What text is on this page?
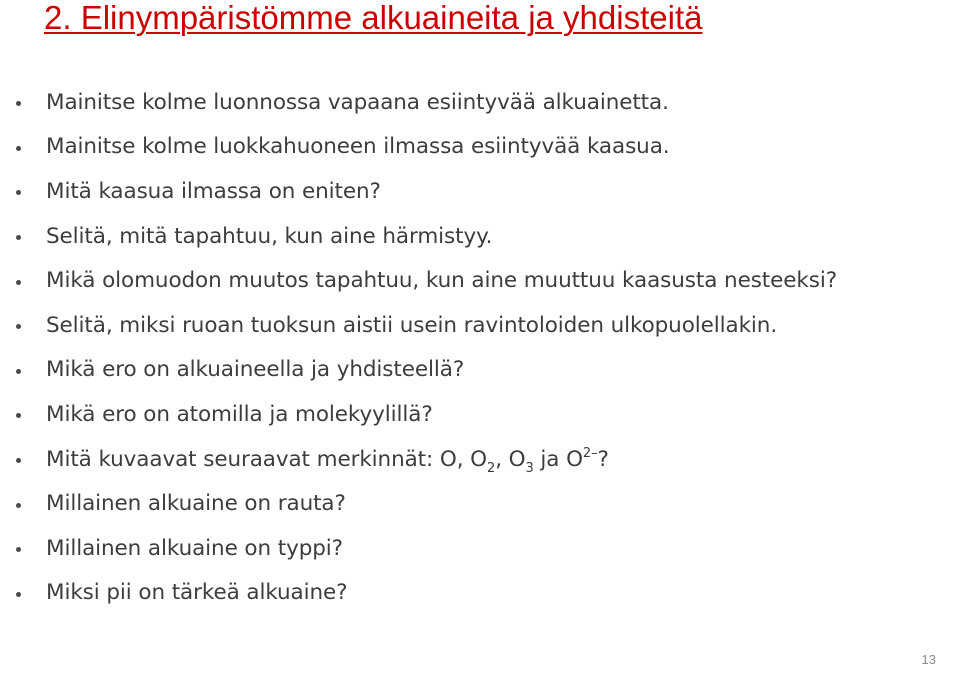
2. Elinympäristömme alkuaineita ja yhdisteitä
Mainitse kolme luonnossa vapaana esiintyvää alkuainetta.
Mainitse kolme luokkahuoneen ilmassa esiintyvää kaasua.
Mitä kaasua ilmassa on eniten?
Selitä, mitä tapahtuu, kun aine härmistyy.
Mikä olomuodon muutos tapahtuu, kun aine muuttuu kaasusta nesteeksi?
Selitä, miksi ruoan tuoksun aistii usein ravintoloiden ulkopuolellakin.
Mikä ero on alkuaineella ja yhdisteellä?
Mikä ero on atomilla ja molekyylillä?
Mitä kuvaavat seuraavat merkinnät: O, $O_2$, $O_3$ ja $O^{2-}$?
Millainen alkuaine on rauta?
Millainen alkuaine on typpi?
Miksi pii on tärkeä alkuaine?
13
